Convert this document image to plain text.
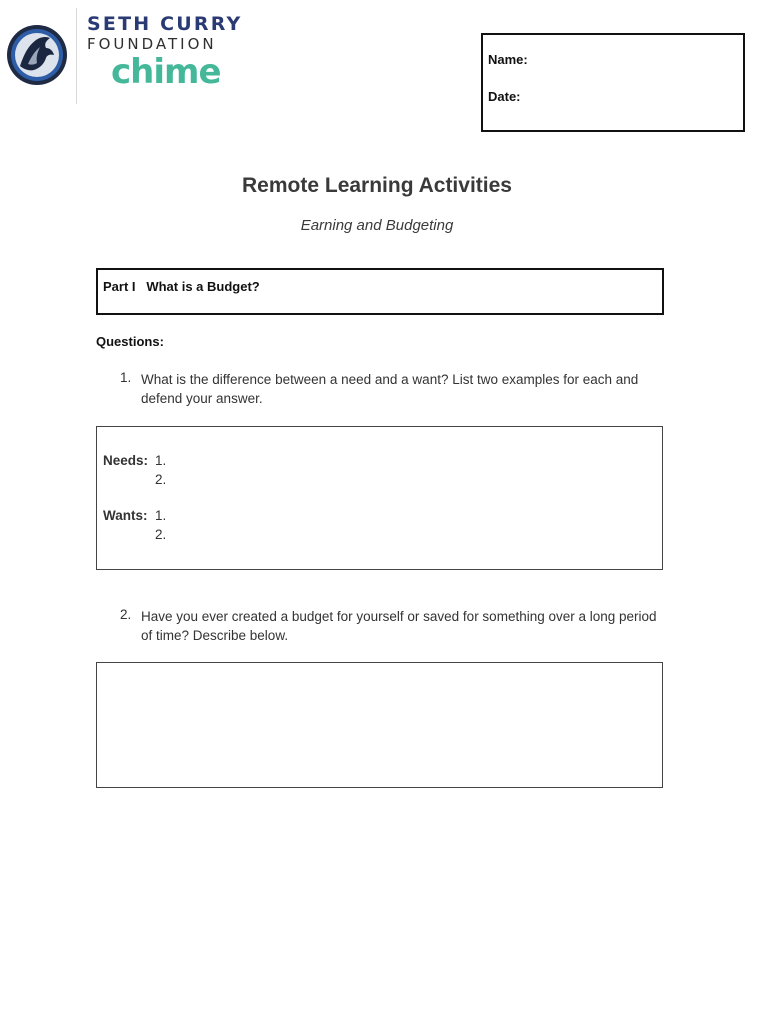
SETH CURRY
FOUNDATION
chime	Name:
Date:
Remote Learning Activities
Earning and Budgeting
Part I   What is a Budget?
Questions:
1. What is the difference between a need and a want? List two examples for each and defend your answer.
Needs: 1.
2.
Wants: 1.
2.
2. Have you ever created a budget for yourself or saved for something over a long period of time? Describe below.
